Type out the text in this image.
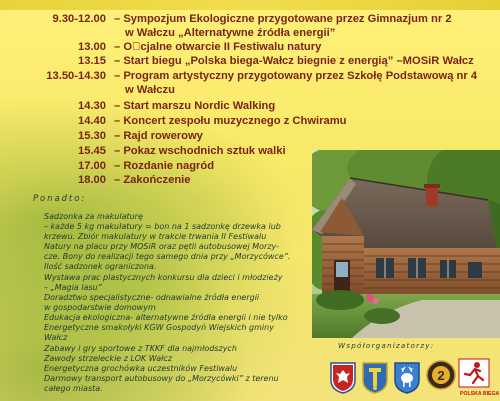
9.30-12.00 – Sympozjum Ekologiczne przygotowane przez Gimnazjum nr 2
w Wałczu „Alternatywne źródła energii”
13.00 – O cjalne otwarcie II Festiwalu natury
13.15 – Start biegu „Polska biega-Wałcz biegnie z energią” –MOSiR Wałcz
13.50-14.30 – Program artystyczny przygotowany przez Szkołę Podstawową nr 4
w Wałczu
14.30 – Start marszu Nordic Walking
14.40 – Koncert zespołu muzycznego z Chwiramu
15.30 – Rajd rowerowy
15.45 – Pokaz wschodnich sztuk walki
17.00 – Rozdanie nagród
18.00 – Zakończenie
Ponadto:
Sadzonka za makulaturę
– każde 5 kg makulatury = bon na 1 sadzonkę drzewka lub
krzewu. Zbiór makulatury w trakcie trwania II Festiwalu
Natury na placu przy MOSiR oraz pętli autobusowej Morzy-
cze. Bony do realizacji tego samego dnia przy „Morzycówce”.
Ilość sadzonek ograniczona.
Wystawa prac plastycznych konkursu dla dzieci i młodzieży
– „Magia lasu”
Doradztwo specjalistyczne- odnawialne źródła energii
w gospodarstwie domowym
Edukacja ekologiczna- alternatywne źródła energii i nie tylko
Energetyczne smakołyki KGW Gospodyń Wiejskich gminy
Wałcz
Zabawy i gry sportowe z TKKF dla najmłodszych
Zawody strzeleckie z LOK Wałcz
Energetyczna grochówka uczestników Festiwalu
Darmowy transport autobusowy do „Morzycówki” z terenu
całego miasta.
Współorganizatorzy:
2
POLSKA BIEGA
